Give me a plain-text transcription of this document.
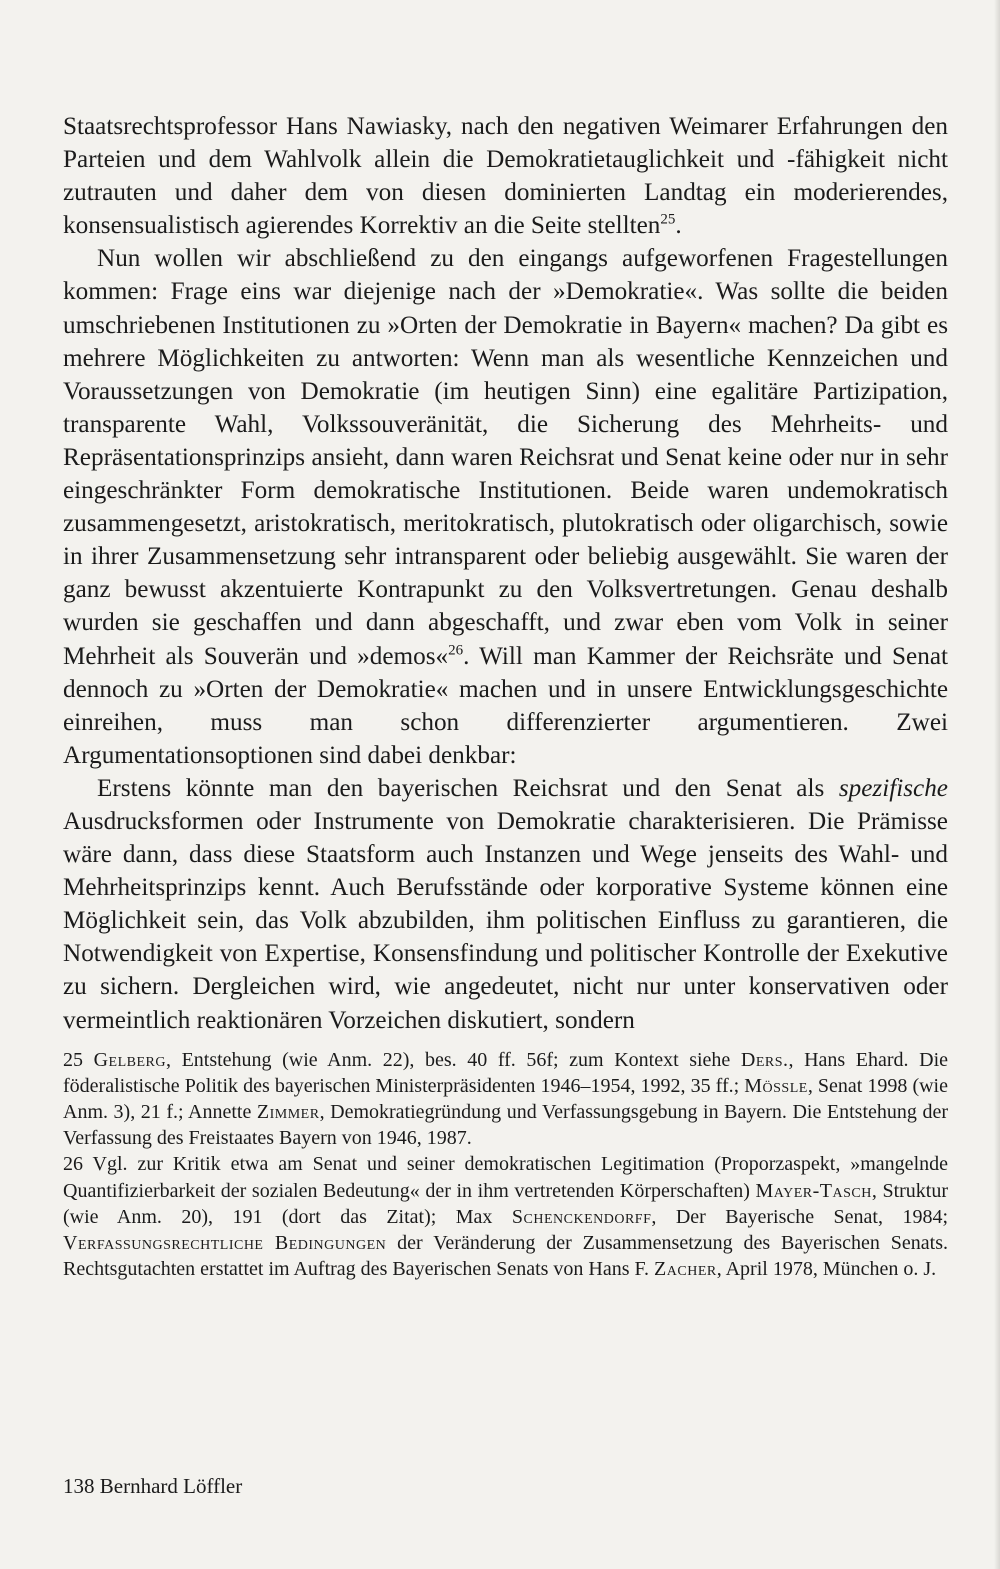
Staatsrechtsprofessor Hans Nawiasky, nach den negativen Weimarer Erfahrungen den Parteien und dem Wahlvolk allein die Demokratietauglichkeit und -fähigkeit nicht zutrauten und daher dem von diesen dominierten Landtag ein moderierendes, konsensualistisch agierendes Korrektiv an die Seite stellten$^{25}$.

Nun wollen wir abschließend zu den eingangs aufgeworfenen Fragestellungen kommen: Frage eins war diejenige nach der »Demokratie«. Was sollte die beiden umschriebenen Institutionen zu »Orten der Demokratie in Bayern« machen? Da gibt es mehrere Möglichkeiten zu antworten: Wenn man als wesentliche Kennzeichen und Voraussetzungen von Demokratie (im heutigen Sinn) eine egalitäre Partizipation, transparente Wahl, Volkssouveränität, die Sicherung des Mehrheits- und Repräsentationsprinzips ansieht, dann waren Reichsrat und Senat keine oder nur in sehr eingeschränkter Form demokratische Institutionen. Beide waren undemokratisch zusammengesetzt, aristokratisch, meritokratisch, plutokratisch oder oligarchisch, sowie in ihrer Zusammensetzung sehr intransparent oder beliebig ausgewählt. Sie waren der ganz bewusst akzentuierte Kontrapunkt zu den Volksvertretungen. Genau deshalb wurden sie geschaffen und dann abgeschafft, und zwar eben vom Volk in seiner Mehrheit als Souverän und »demos«$^{26}$. Will man Kammer der Reichsräte und Senat dennoch zu »Orten der Demokratie« machen und in unsere Entwicklungsgeschichte einreihen, muss man schon differenzierter argumentieren. Zwei Argumentationsoptionen sind dabei denkbar:

Erstens könnte man den bayerischen Reichsrat und den Senat als spezifische Ausdrucksformen oder Instrumente von Demokratie charakterisieren. Die Prämisse wäre dann, dass diese Staatsform auch Instanzen und Wege jenseits des Wahl- und Mehrheitsprinzips kennt. Auch Berufsstände oder korporative Systeme können eine Möglichkeit sein, das Volk abzubilden, ihm politischen Einfluss zu garantieren, die Notwendigkeit von Expertise, Konsensfindung und politischer Kontrolle der Exekutive zu sichern. Dergleichen wird, wie angedeutet, nicht nur unter konservativen oder vermeintlich reaktionären Vorzeichen diskutiert, sondern

25 Gelberg, Entstehung (wie Anm. 22), bes. 40 ff. 56f; zum Kontext siehe Ders., Hans Ehard. Die föderalistische Politik des bayerischen Ministerpräsidenten 1946–1954, 1992, 35 ff.; Mössle, Senat 1998 (wie Anm. 3), 21 f.; Annette Zimmer, Demokratiegründung und Verfassungsgebung in Bayern. Die Entstehung der Verfassung des Freistaates Bayern von 1946, 1987.

26 Vgl. zur Kritik etwa am Senat und seiner demokratischen Legitimation (Proporzaspekt, »mangelnde Quantifizierbarkeit der sozialen Bedeutung« der in ihm vertretenden Körperschaften) Mayer-Tasch, Struktur (wie Anm. 20), 191 (dort das Zitat); Max Schenckendorff, Der Bayerische Senat, 1984; Verfassungsrechtliche Bedingungen der Veränderung der Zusammensetzung des Bayerischen Senats. Rechtsgutachten erstattet im Auftrag des Bayerischen Senats von Hans F. Zacher, April 1978, München o. J.

138 Bernhard Löffler
